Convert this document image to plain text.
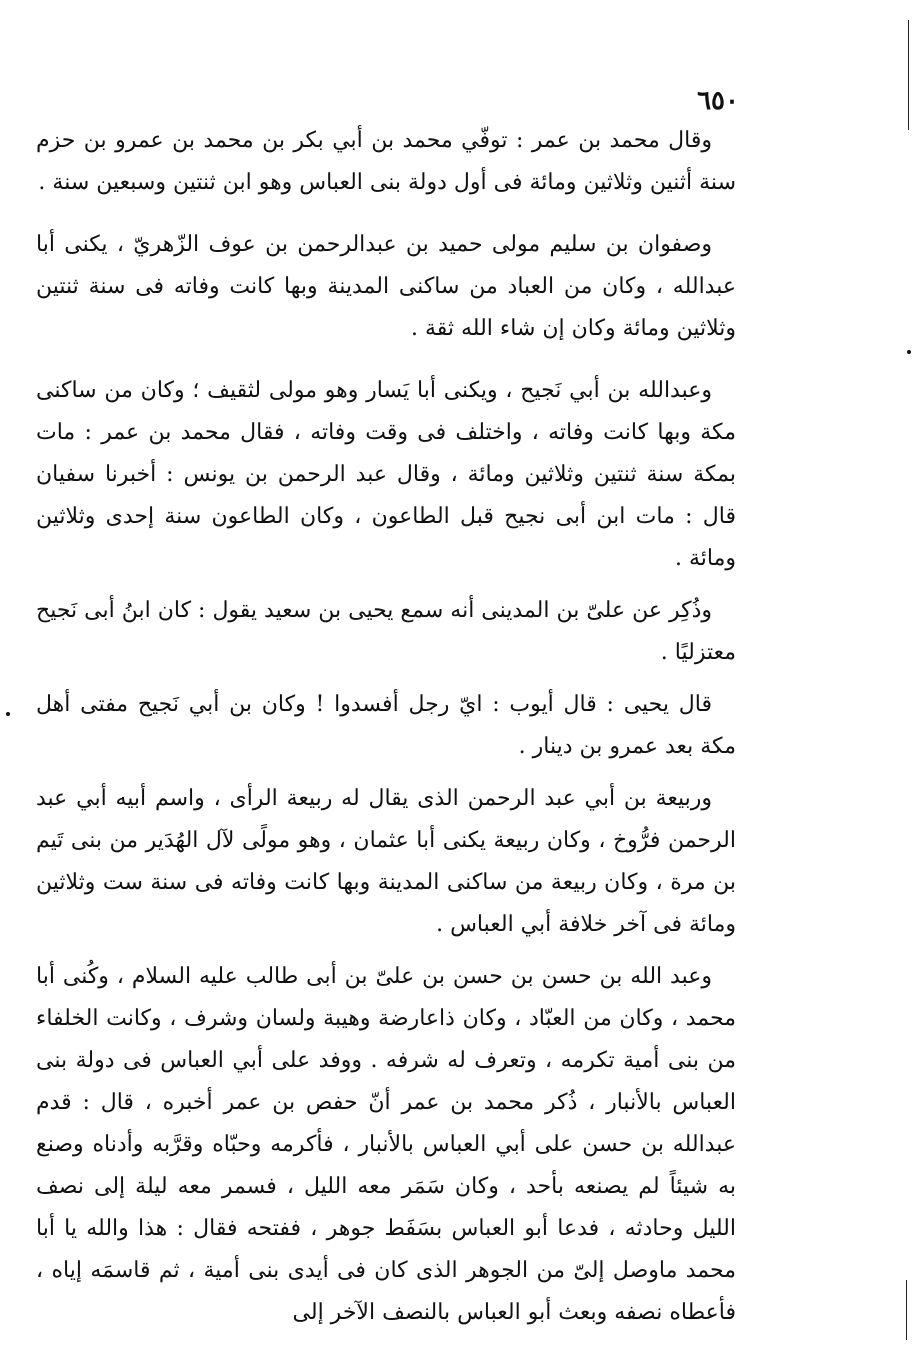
٦٥٠

وقال محمد بن عمر : توفّي محمد بن أبي بكر بن محمد بن عمرو بن حزم سنة أثنين وثلاثين ومائة فى أول دولة بنى العباس وهو ابن ثنتين وسبعين سنة .

وصفوان بن سليم مولى حميد بن عبدالرحمن بن عوف الزّهريّ ، يكنى أبا عبدالله ، وكان من العباد من ساكنى المدينة وبها كانت وفاته فى سنة ثنتين وثلاثين ومائة وكان إن شاء الله ثقة .

وعبدالله بن أبي نَجيح ، ويكنى أبا يَسار وهو مولى لثقيف ؛ وكان من ساكنى مكة وبها كانت وفاته ، واختلف فى وقت وفاته ، فقال محمد بن عمر : مات بمكة سنة ثنتين وثلاثين ومائة ، وقال عبد الرحمن بن يونس : أخبرنا سفيان قال : مات ابن أبى نجيح قبل الطاعون ، وكان الطاعون سنة إحدى وثلاثين ومائة .

وذُكِر عن علىّ بن المدينى أنه سمع يحيى بن سعيد يقول : كان ابنُ أبى نَجيح معتزليًا .

قال يحيى : قال أيوب : ايّ رجل أفسدوا ! وكان بن أبي نَجيح مفتى أهل مكة بعد عمرو بن دينار .

وربيعة بن أبي عبد الرحمن الذى يقال له ربيعة الرأى ، واسم أبيه أبي عبد الرحمن فرُّوخ ، وكان ربيعة يكنى أبا عثمان ، وهو مولًى لآل الهُدَير من بنى تَيم بن مرة ، وكان ربيعة من ساكنى المدينة وبها كانت وفاته فى سنة ست وثلاثين ومائة فى آخر خلافة أبي العباس .

وعبد الله بن حسن بن حسن بن علىّ بن أبى طالب عليه السلام ، وكُنى أبا محمد ، وكان من العبّاد ، وكان ذاعارضة وهيبة ولسان وشرف ، وكانت الخلفاء من بنى أمية تكرمه ، وتعرف له شرفه . ووفد على أبي العباس فى دولة بنى العباس بالأنبار ، ذُكر محمد بن عمر أنّ حفص بن عمر أخبره ، قال : قدم عبدالله بن حسن على أبي العباس بالأنبار ، فأكرمه وحبّاه وقرَّبه وأدناه وصنع به شيئاً لم يصنعه بأحد ، وكان سَمَر معه الليل ، فسمر معه ليلة إلى نصف الليل وحادثه ، فدعا أبو العباس بسَفَط جوهر ، ففتحه فقال : هذا والله يا أبا محمد ماوصل إلىّ من الجوهر الذى كان فى أيدى بنى أمية ، ثم قاسمَه إياه ، فأعطاه نصفه وبعث أبو العباس بالنصف الآخر إلى
